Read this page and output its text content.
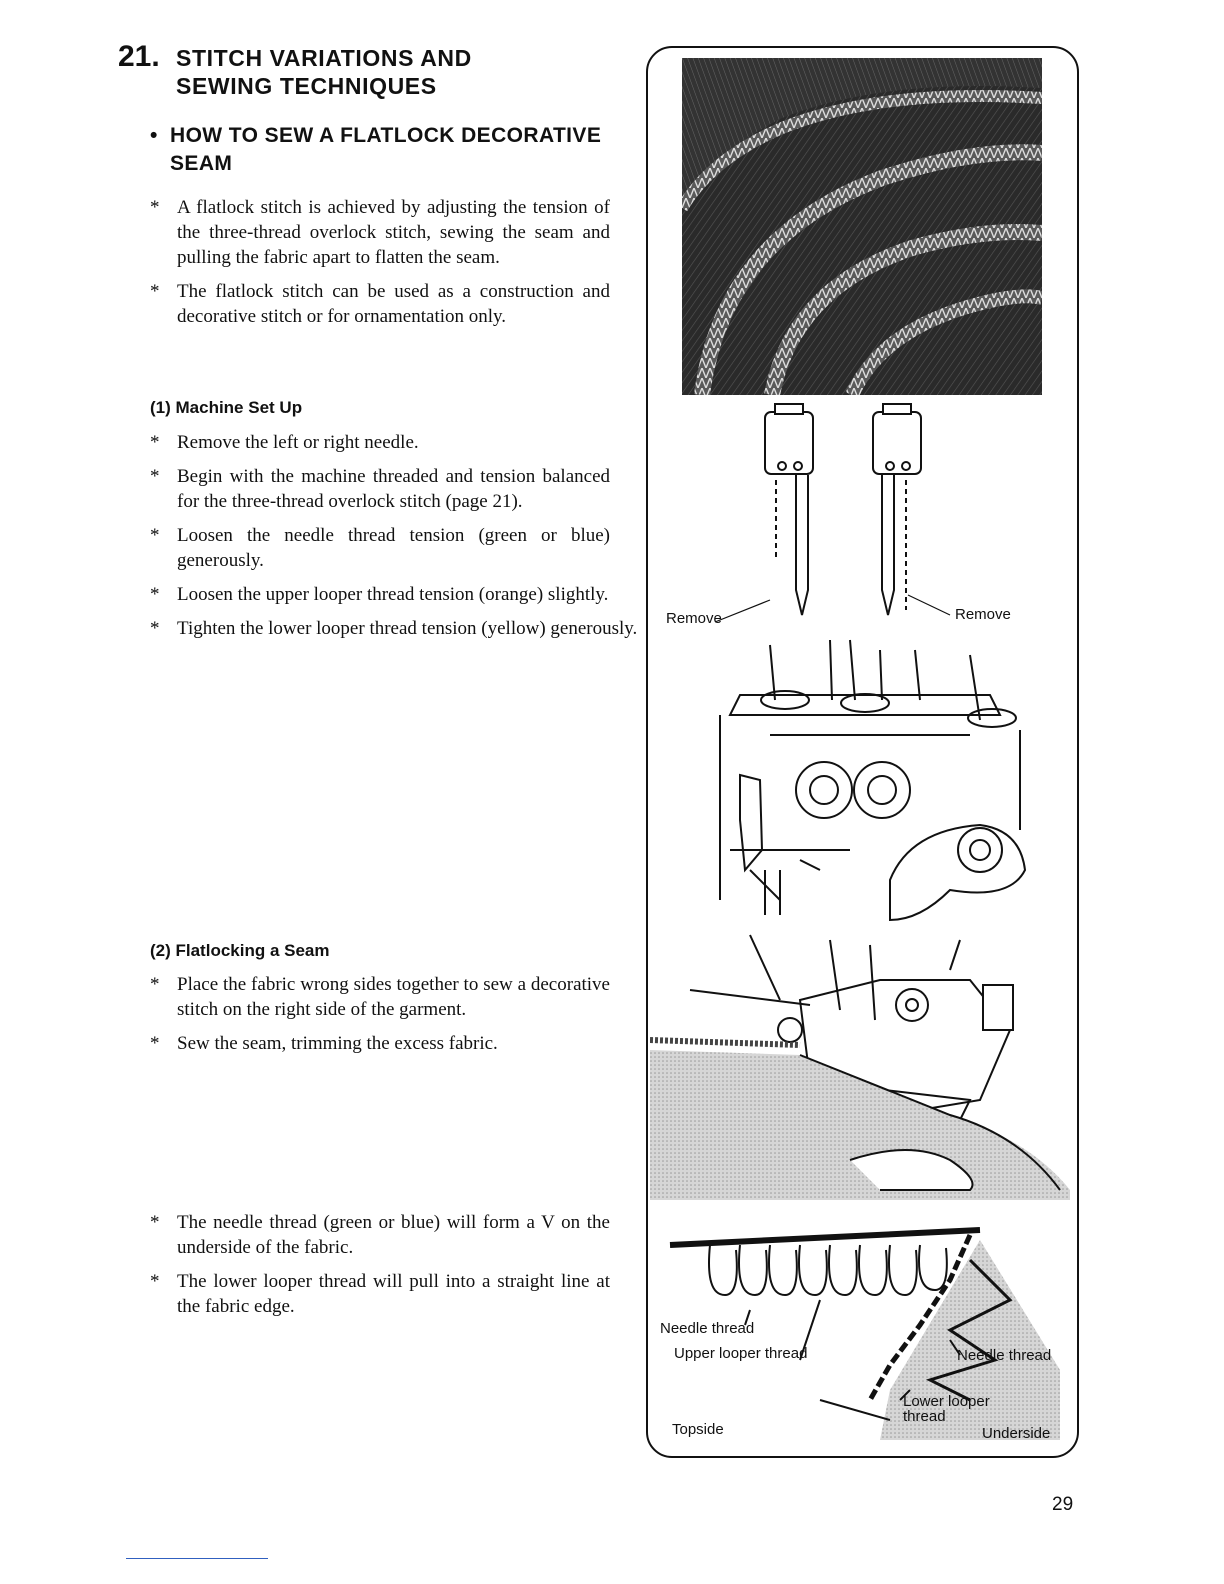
21. STITCH VARIATIONS AND
SEWING TECHNIQUES
• HOW TO SEW A FLATLOCK DECORATIVE
SEAM
* A flatlock stitch is achieved by adjusting the tension of the three-thread overlock stitch, sewing the seam and pulling the fabric apart to flatten the seam.
* The flatlock stitch can be used as a construction and decorative stitch or for ornamentation only.
(1) Machine Set Up
* Remove the left or right needle.
* Begin with the machine threaded and tension balanced for the three-thread overlock stitch (page 21).
* Loosen the needle thread tension (green or blue) generously.
* Loosen the upper looper thread tension (orange) slightly.
* Tighten the lower looper thread tension (yellow) generously.
(2) Flatlocking a Seam
* Place the fabric wrong sides together to sew a decorative stitch on the right side of the garment.
* Sew the seam, trimming the excess fabric.
* The needle thread (green or blue) will form a V on the underside of the fabric.
* The lower looper thread will pull into a straight line at the fabric edge.
Remove	Remove
Needle thread
Upper looper thread	Needle thread
Lower looper
thread
Topside	Underside
29
